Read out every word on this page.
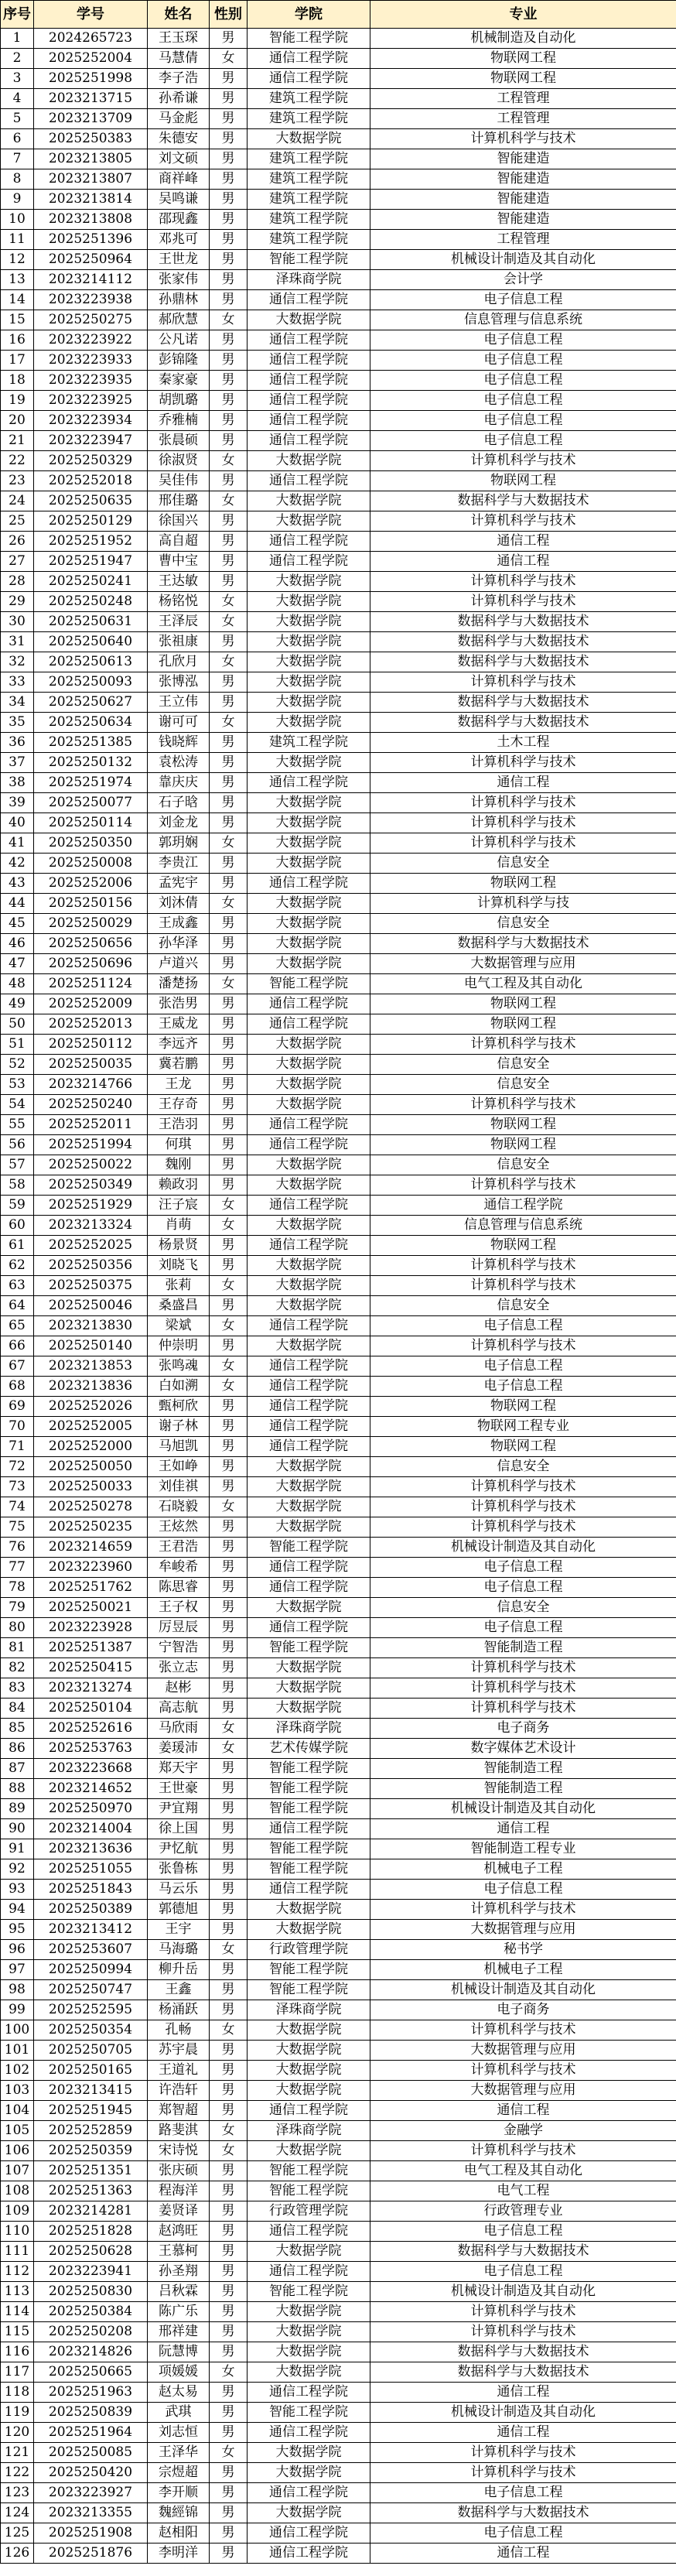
序号	学号	姓名	性别	学院	专业
1	2024265723	王玉琛	男	智能工程学院	机械制造及自动化
2	2025252004	马慧倩	女	通信工程学院	物联网工程
3	2025251998	李子浩	男	通信工程学院	物联网工程
4	2023213715	孙希谦	男	建筑工程学院	工程管理
5	2023213709	马金彪	男	建筑工程学院	工程管理
6	2025250383	朱德安	男	大数据学院	计算机科学与技术
7	2023213805	刘文硕	男	建筑工程学院	智能建造
8	2023213807	商祥峰	男	建筑工程学院	智能建造
9	2023213814	吴鸣谦	男	建筑工程学院	智能建造
10	2023213808	邵现鑫	男	建筑工程学院	智能建造
11	2025251396	邓兆可	男	建筑工程学院	工程管理
12	2025250964	王世龙	男	智能工程学院	机械设计制造及其自动化
13	2023214112	张家伟	男	泽珠商学院	会计学
14	2023223938	孙鼎林	男	通信工程学院	电子信息工程
15	2025250275	郝欣慧	女	大数据学院	信息管理与信息系统
16	2023223922	公凡诺	男	通信工程学院	电子信息工程
17	2023223933	彭锦隆	男	通信工程学院	电子信息工程
18	2023223935	秦家豪	男	通信工程学院	电子信息工程
19	2023223925	胡凯璐	男	通信工程学院	电子信息工程
20	2023223934	乔雅楠	男	通信工程学院	电子信息工程
21	2023223947	张晨硕	男	通信工程学院	电子信息工程
22	2025250329	徐淑贤	女	大数据学院	计算机科学与技术
23	2025252018	吴佳伟	男	通信工程学院	物联网工程
24	2025250635	邢佳璐	女	大数据学院	数据科学与大数据技术
25	2025250129	徐国兴	男	大数据学院	计算机科学与技术
26	2025251952	高自超	男	通信工程学院	通信工程
27	2025251947	曹中宝	男	通信工程学院	通信工程
28	2025250241	王达敏	男	大数据学院	计算机科学与技术
29	2025250248	杨铭悦	女	大数据学院	计算机科学与技术
30	2025250631	王泽辰	女	大数据学院	数据科学与大数据技术
31	2025250640	张祖康	男	大数据学院	数据科学与大数据技术
32	2025250613	孔欣月	女	大数据学院	数据科学与大数据技术
33	2025250093	张博泓	男	大数据学院	计算机科学与技术
34	2025250627	王立伟	男	大数据学院	数据科学与大数据技术
35	2025250634	谢可可	女	大数据学院	数据科学与大数据技术
36	2025251385	钱晓辉	男	建筑工程学院	土木工程
37	2025250132	袁松涛	男	大数据学院	计算机科学与技术
38	2025251974	靠庆庆	男	通信工程学院	通信工程
39	2025250077	石子晗	男	大数据学院	计算机科学与技术
40	2025250114	刘金龙	男	大数据学院	计算机科学与技术
41	2025250350	郭玥娴	女	大数据学院	计算机科学与技术
42	2025250008	李贵江	男	大数据学院	信息安全
43	2025252006	孟宪宇	男	通信工程学院	物联网工程
44	2025250156	刘沐倩	女	大数据学院	计算机科学与技
45	2025250029	王成鑫	男	大数据学院	信息安全
46	2025250656	孙华泽	男	大数据学院	数据科学与大数据技术
47	2025250696	卢道兴	男	大数据学院	大数据管理与应用
48	2025251124	潘楚扬	女	智能工程学院	电气工程及其自动化
49	2025252009	张浩男	男	通信工程学院	物联网工程
50	2025252013	王威龙	男	通信工程学院	物联网工程
51	2025250112	李远齐	男	大数据学院	计算机科学与技术
52	2025250035	冀若鹏	男	大数据学院	信息安全
53	2023214766	王龙	男	大数据学院	信息安全
54	2025250240	王存奇	男	大数据学院	计算机科学与技术
55	2025252011	王浩羽	男	通信工程学院	物联网工程
56	2025251994	何琪	男	通信工程学院	物联网工程
57	2025250022	魏刚	男	大数据学院	信息安全
58	2025250349	赖政羽	男	大数据学院	计算机科学与技术
59	2025251929	汪子宸	女	通信工程学院	通信工程学院
60	2023213324	肖萌	女	大数据学院	信息管理与信息系统
61	2025252025	杨景贤	男	通信工程学院	物联网工程
62	2025250356	刘晓飞	男	大数据学院	计算机科学与技术
63	2025250375	张莉	女	大数据学院	计算机科学与技术
64	2025250046	桑盛昌	男	大数据学院	信息安全
65	2023213830	梁斌	女	通信工程学院	电子信息工程
66	2025250140	仲崇明	男	大数据学院	计算机科学与技术
67	2023213853	张鸣魂	女	通信工程学院	电子信息工程
68	2023213836	白如溯	女	通信工程学院	电子信息工程
69	2025252026	甄柯欣	男	通信工程学院	物联网工程
70	2025252005	谢子林	男	通信工程学院	物联网工程专业
71	2025252000	马旭凯	男	通信工程学院	物联网工程
72	2025250050	王如峥	男	大数据学院	信息安全
73	2025250033	刘佳祺	男	大数据学院	计算机科学与技术
74	2025250278	石晓毅	女	大数据学院	计算机科学与技术
75	2025250235	王炫然	男	大数据学院	计算机科学与技术
76	2023214659	王君浩	男	智能工程学院	机械设计制造及其自动化
77	2023223960	牟峻希	男	通信工程学院	电子信息工程
78	2025251762	陈思睿	男	通信工程学院	电子信息工程
79	2025250021	王子权	男	大数据学院	信息安全
80	2023223928	厉昱辰	男	通信工程学院	电子信息工程
81	2025251387	宁智浩	男	智能工程学院	智能制造工程
82	2025250415	张立志	男	大数据学院	计算机科学与技术
83	2023213274	赵彬	男	大数据学院	计算机科学与技术
84	2025250104	高志航	男	大数据学院	计算机科学与技术
85	2025252616	马欣雨	女	泽珠商学院	电子商务
86	2025253763	姜瑗沛	女	艺术传媒学院	数字媒体艺术设计
87	2023223668	郑天宇	男	智能工程学院	智能制造工程
88	2023214652	王世豪	男	智能工程学院	智能制造工程
89	2025250970	尹宜翔	男	智能工程学院	机械设计制造及其自动化
90	2023214004	徐上国	男	通信工程学院	通信工程
91	2023213636	尹忆航	男	智能工程学院	智能制造工程专业
92	2025251055	张鲁栋	男	智能工程学院	机械电子工程
93	2025251843	马云乐	男	通信工程学院	电子信息工程
94	2025250389	郭德旭	男	大数据学院	计算机科学与技术
95	2023213412	王宇	男	大数据学院	大数据管理与应用
96	2025253607	马海璐	女	行政管理学院	秘书学
97	2025250994	柳升岳	男	智能工程学院	机械电子工程
98	2025250747	王鑫	男	智能工程学院	机械设计制造及其自动化
99	2025252595	杨涌跃	男	泽珠商学院	电子商务
100	2025250354	孔畅	女	大数据学院	计算机科学与技术
101	2025250705	苏宇晨	男	大数据学院	大数据管理与应用
102	2025250165	王道礼	男	大数据学院	计算机科学与技术
103	2023213415	许浩轩	男	大数据学院	大数据管理与应用
104	2025251945	郑智超	男	通信工程学院	通信工程
105	2025252859	路斐淇	女	泽珠商学院	金融学
106	2025250359	宋诗悦	女	大数据学院	计算机科学与技术
107	2025251351	张庆硕	男	智能工程学院	电气工程及其自动化
108	2025251363	程海洋	男	智能工程学院	电气工程
109	2023214281	姜贤译	男	行政管理学院	行政管理专业
110	2025251828	赵鸿旺	男	通信工程学院	电子信息工程
111	2025250628	王慕柯	男	大数据学院	数据科学与大数据技术
112	2023223941	孙圣翔	男	通信工程学院	电子信息工程
113	2025250830	吕秋霖	男	智能工程学院	机械设计制造及其自动化
114	2025250384	陈广乐	男	大数据学院	计算机科学与技术
115	2025250208	邢祥建	男	大数据学院	计算机科学与技术
116	2023214826	阮慧博	男	大数据学院	数据科学与大数据技术
117	2025250665	项媛媛	女	大数据学院	数据科学与大数据技术
118	2025251963	赵太易	男	通信工程学院	通信工程
119	2025250839	武琪	男	智能工程学院	机械设计制造及其自动化
120	2025251964	刘志恒	男	通信工程学院	通信工程
121	2025250085	王泽华	女	大数据学院	计算机科学与技术
122	2025250420	宗煜超	男	大数据学院	计算机科学与技术
123	2023223927	李开顺	男	通信工程学院	电子信息工程
124	2023213355	魏經锦	男	大数据学院	数据科学与大数据技术
125	2025251908	赵相阳	男	通信工程学院	电子信息工程
126	2025251876	李明洋	男	通信工程学院	通信工程
